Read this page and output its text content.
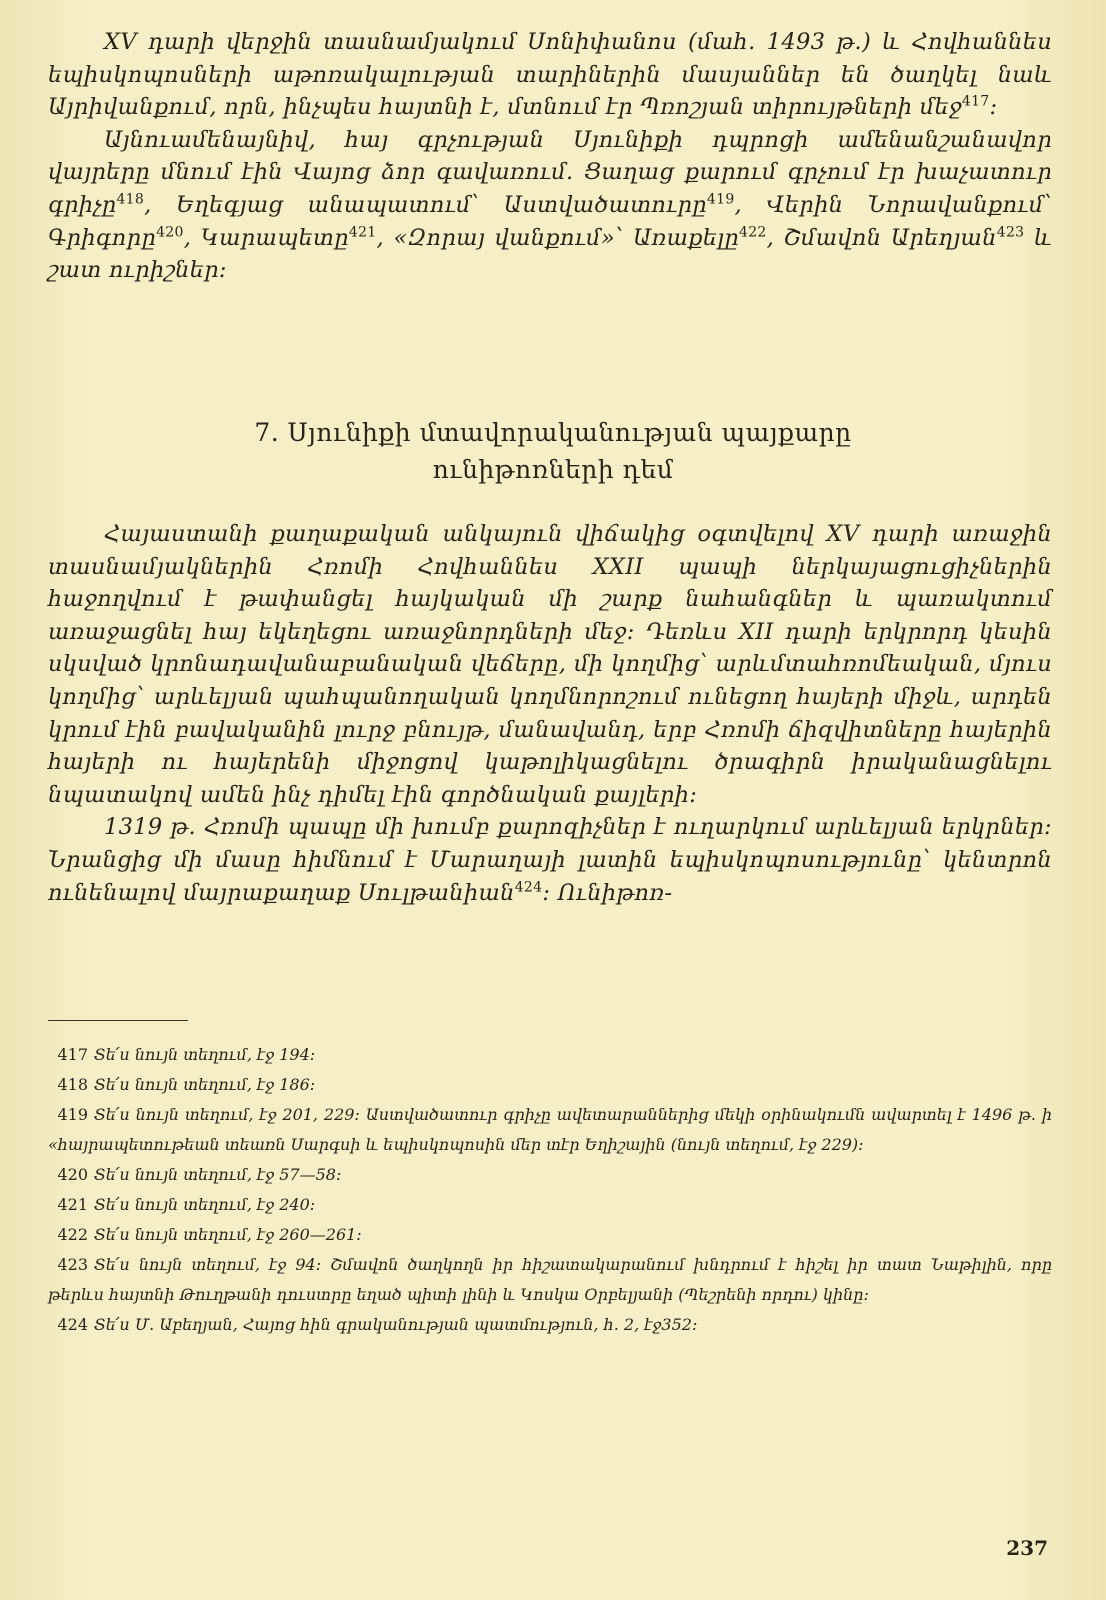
XV դարի վերջին տասնամյակում Սոնիփանոս (մահ. 1493 թ.) և Հովհաննես եպիսկոպոսների աթոռակալության տարիներին մասյաններ են ծաղկել նաև Այրիվանքում, որն, ինչպես հայտնի է, մտնում էր Պռոշյան տիրույթների մեջ$^{417}$։

Այնուամենայնիվ, հայ գրչության Սյունիքի դպրոցի ամենանշանավոր վայրերը մնում էին Վայոց ձոր գավառում. Ցաղաց քարում գրչում էր խաչատուր գրիչը$^{418}$, Եղեգյաց անապատում՝ Աստվածատուրը$^{419}$, Վերին Նորավանքում՝ Գրիգորը$^{420}$, Կարապետը$^{421}$, «Զորայ վանքում»՝ Առաքելը$^{422}$, Շմավոն Արեղյան$^{423}$ և շատ ուրիշներ։

7. Սյունիքի մտավորականության պայքարը
ունիթոռների դեմ

Հայաստանի քաղաքական անկայուն վիճակից օգտվելով XV դարի առաջին տասնամյակներին Հռոմի Հովհաննես XXII պապի ներկայացուցիչներին հաջողվում է թափանցել հայկական մի շարք նահանգներ և պառակտում առաջացնել հայ եկեղեցու առաջնորդների մեջ։ Դեռևս XII դարի երկրորդ կեսին սկսված կրոնադավանաբանական վեճերը, մի կողմից՝ արևմտահռոմեական, մյուս կողմից՝ արևելյան պահպանողական կողմնորոշում ունեցող հայերի միջև, արդեն կրում էին բավականին լուրջ բնույթ, մանավանդ, երբ Հռոմի ճիզվիտները հայերին հայերի ու հայերենի միջոցով կաթոլիկացնելու ծրագիրն իրականացնելու նպատակով ամեն ինչ դիմել էին գործնական քայլերի։

1319 թ. Հռոմի պապը մի խումբ քարոզիչներ է ուղարկում արևելյան երկրներ։ Նրանցից մի մասը հիմնում է Մարաղայի լատին եպիսկոպոսությունը՝ կենտրոն ունենալով մայրաքաղաք Սուլթանիան$^{424}$։ Ունիթոռ-

417 Տե՛ս նույն տեղում, էջ 194։

418 Տե՛ս նույն տեղում, էջ 186։

419 Տե՛ս նույն տեղում, էջ 201, 229։ Աստվածատուր գրիչը ավետարաններից մեկի օրինակումն ավարտել է 1496 թ. ի «հայրապետութեան տեառն Սարգսի և եպիսկոպոսին մեր տէր Եղիշային (նույն տեղում, էջ 229)։

420 Տե՛ս նույն տեղում, էջ 57—58։

421 Տե՛ս նույն տեղում, էջ 240։

422 Տե՛ս նույն տեղում, էջ 260—261։

423 Տե՛ս նույն տեղում, էջ 94։ Շմավոն ծաղկողն իր հիշատակարանում խնդրում է հիշել իր տատ Նաթիլին, որը թերևս հայտնի Թուղթանի դուստրը եղած պիտի լինի և Կոսկա Օրբելյանի (Պեշրենի որդու) կինը։

424 Տե՛ս Մ. Աբեղյան, Հայոց հին գրականության պատմություն, հ. 2, էջ352։

237
